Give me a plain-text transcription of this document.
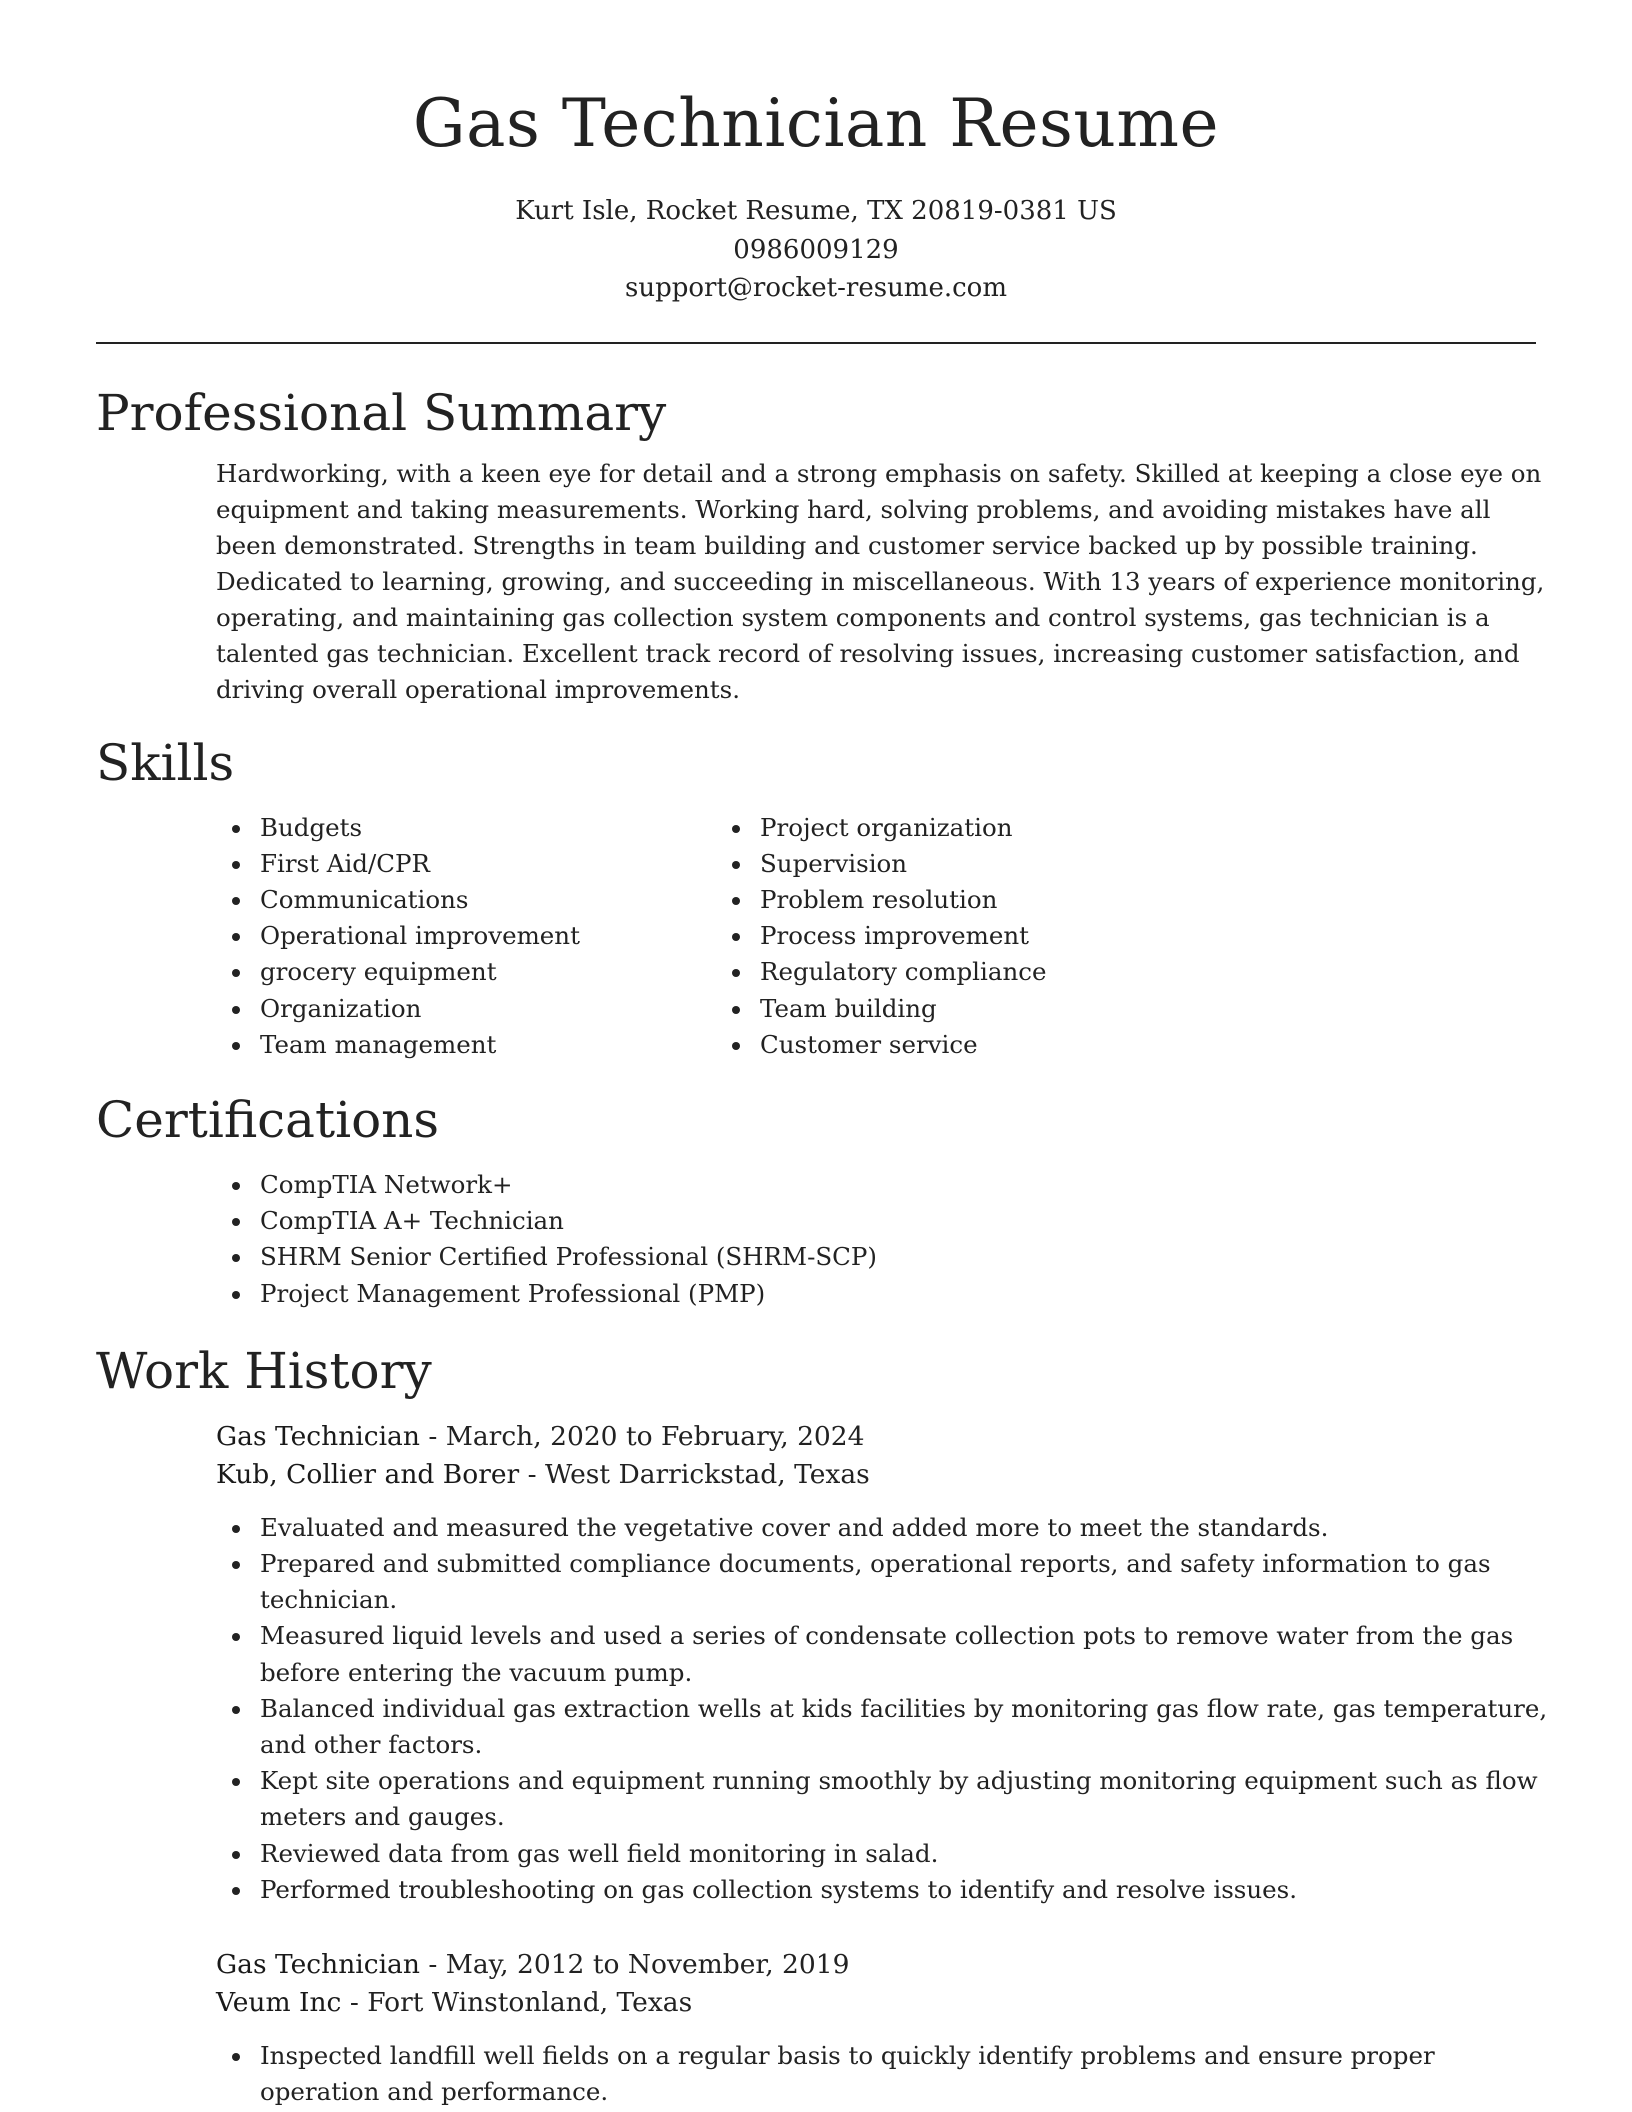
Gas Technician Resume
Kurt Isle, Rocket Resume, TX 20819-0381 US
0986009129
support@rocket-resume.com
Professional Summary

Hardworking, with a keen eye for detail and a strong emphasis on safety. Skilled at keeping a close eye on equipment and taking measurements. Working hard, solving problems, and avoiding mistakes have all been demonstrated. Strengths in team building and customer service backed up by possible training. Dedicated to learning, growing, and succeeding in miscellaneous. With 13 years of experience monitoring, operating, and maintaining gas collection system components and control systems, gas technician is a talented gas technician. Excellent track record of resolving issues, increasing customer satisfaction, and driving overall operational improvements.

Skills
Budgets
First Aid/CPR
Communications
Operational improvement
grocery equipment
Organization
Team management
Project organization
Supervision
Problem resolution
Process improvement
Regulatory compliance
Team building
Customer service
Certifications
CompTIA Network+
CompTIA A+ Technician
SHRM Senior Certified Professional (SHRM-SCP)
Project Management Professional (PMP)
Work History
Gas Technician - March, 2020 to February, 2024
Kub, Collier and Borer - West Darrickstad, Texas
Evaluated and measured the vegetative cover and added more to meet the standards.
Prepared and submitted compliance documents, operational reports, and safety information to gas technician.
Measured liquid levels and used a series of condensate collection pots to remove water from the gas before entering the vacuum pump.
Balanced individual gas extraction wells at kids facilities by monitoring gas flow rate, gas temperature, and other factors.
Kept site operations and equipment running smoothly by adjusting monitoring equipment such as flow meters and gauges.
Reviewed data from gas well field monitoring in salad.
Performed troubleshooting on gas collection systems to identify and resolve issues.
Gas Technician - May, 2012 to November, 2019
Veum Inc - Fort Winstonland, Texas
Inspected landfill well fields on a regular basis to quickly identify problems and ensure proper operation and performance.
